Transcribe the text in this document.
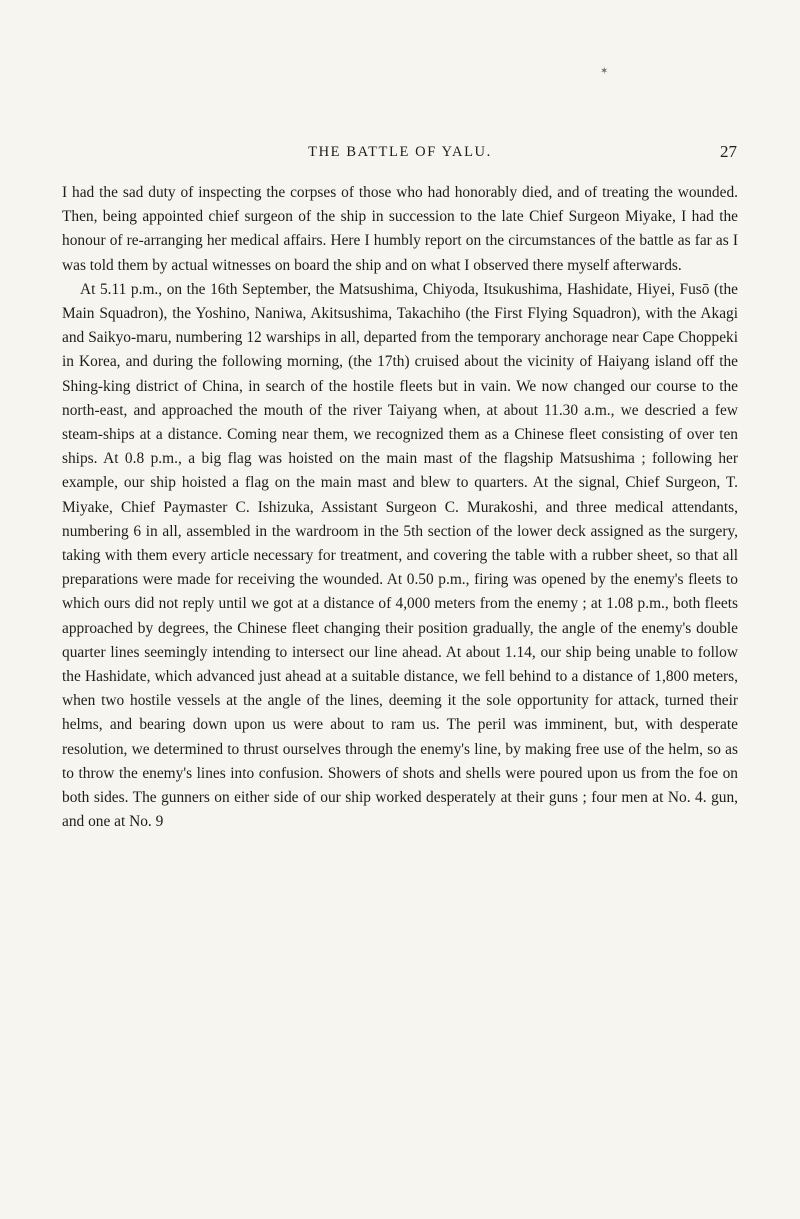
✶
THE BATTLE OF YALU.	27

I had the sad duty of inspecting the corpses of those who had honorably died, and of treating the wounded. Then, being appointed chief surgeon of the ship in succession to the late Chief Surgeon Miyake, I had the honour of re-arranging her medical affairs. Here I humbly report on the circumstances of the battle as far as I was told them by actual witnesses on board the ship and on what I observed there myself afterwards.

At 5.11 p.m., on the 16th September, the Matsushima, Chiyoda, Itsukushima, Hashidate, Hiyei, Fusō (the Main Squadron), the Yoshino, Naniwa, Akitsushima, Takachiho (the First Flying Squadron), with the Akagi and Saikyo-maru, numbering 12 warships in all, departed from the temporary anchorage near Cape Choppeki in Korea, and during the following morning, (the 17th) cruised about the vicinity of Haiyang island off the Shing-king district of China, in search of the hostile fleets but in vain. We now changed our course to the north-east, and approached the mouth of the river Taiyang when, at about 11.30 a.m., we descried a few steam-ships at a distance. Coming near them, we recognized them as a Chinese fleet consisting of over ten ships. At 0.8 p.m., a big flag was hoisted on the main mast of the flagship Matsushima ; following her example, our ship hoisted a flag on the main mast and blew to quarters. At the signal, Chief Surgeon, T. Miyake, Chief Paymaster C. Ishizuka, Assistant Surgeon C. Murakoshi, and three medical attendants, numbering 6 in all, assembled in the wardroom in the 5th section of the lower deck assigned as the surgery, taking with them every article necessary for treatment, and covering the table with a rubber sheet, so that all preparations were made for receiving the wounded. At 0.50 p.m., firing was opened by the enemy's fleets to which ours did not reply until we got at a distance of 4,000 meters from the enemy ; at 1.08 p.m., both fleets approached by degrees, the Chinese fleet changing their position gradually, the angle of the enemy's double quarter lines seemingly intending to intersect our line ahead. At about 1.14, our ship being unable to follow the Hashidate, which advanced just ahead at a suitable distance, we fell behind to a distance of 1,800 meters, when two hostile vessels at the angle of the lines, deeming it the sole opportunity for attack, turned their helms, and bearing down upon us were about to ram us. The peril was imminent, but, with desperate resolution, we determined to thrust ourselves through the enemy's line, by making free use of the helm, so as to throw the enemy's lines into confusion. Showers of shots and shells were poured upon us from the foe on both sides. The gunners on either side of our ship worked desperately at their guns ; four men at No. 4. gun, and one at No. 9
